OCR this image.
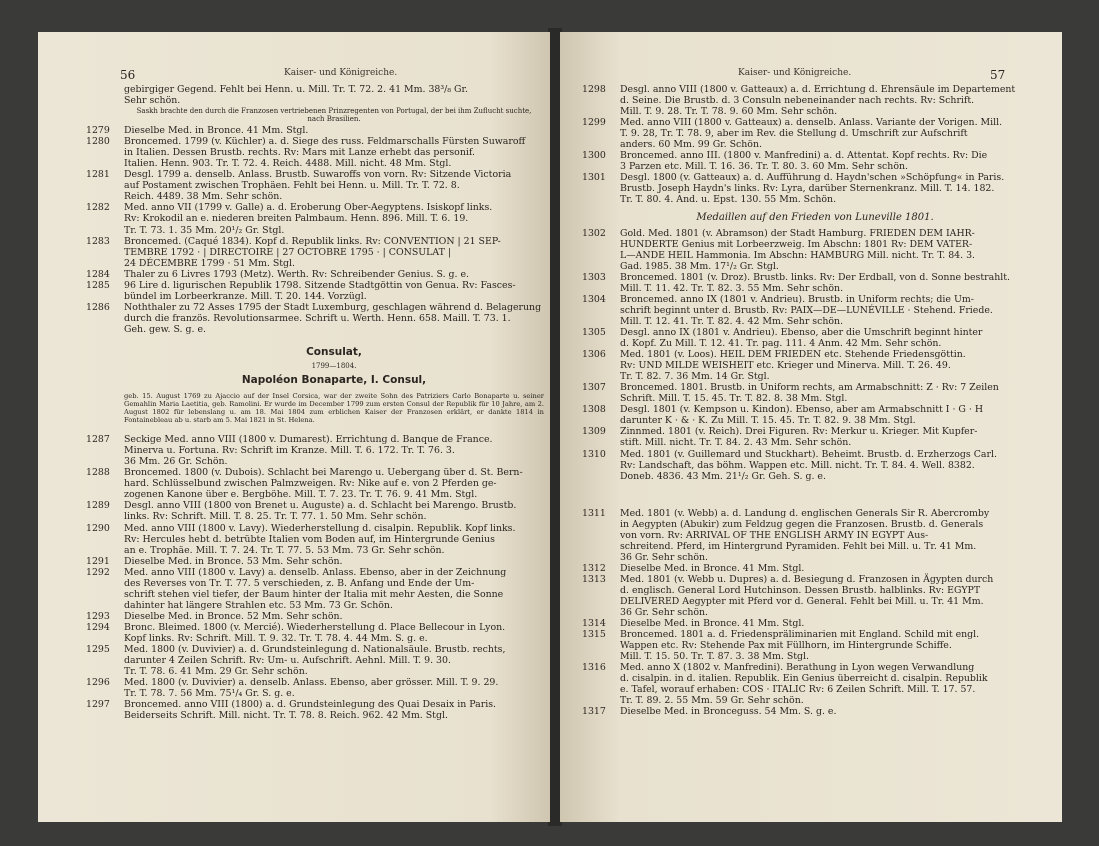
56	Kaiser- und Königreiche.
gebirgiger Gegend. Fehlt bei Henn. u. Mill. Tr. T. 72. 2. 41 Mm. 38³/₈ Gr.
Sehr schön.
Saskh brachte den durch die Franzosen vertriebenen Prinzregenten von Portugal, der bei ihm Zuflucht suchte, nach Brasilien.
1279 Dieselbe Med. in Bronce. 41 Mm. Stgl.
1280 Broncemed. 1799 (v. Küchler) a. d. Siege des russ. Feldmarschalls Fürsten Suwaroff
in Italien. Dessen Brustb. rechts. Rv: Mars mit Lanze erhebt das personif.
Italien. Henn. 903. Tr. T. 72. 4. Reich. 4488. Mill. nicht. 48 Mm. Stgl.
1281 Desgl. 1799 a. denselb. Anlass. Brustb. Suwaroffs von vorn. Rv: Sitzende Victoria
auf Postament zwischen Trophäen. Fehlt bei Henn. u. Mill. Tr. T. 72. 8.
Reich. 4489. 38 Mm. Sehr schön.
1282 Med. anno VII (1799 v. Galle) a. d. Eroberung Ober-Aegyptens. Isiskopf links.
Rv: Krokodil an e. niederen breiten Palmbaum. Henn. 896. Mill. T. 6. 19.
Tr. T. 73. 1. 35 Mm. 20¹/₂ Gr. Stgl.
1283 Broncemed. (Caqué 1834). Kopf d. Republik links. Rv: CONVENTION | 21 SEP-
TEMBRE 1792 · | DIRECTOIRE | 27 OCTOBRE 1795 · | CONSULAT |
24 DÉCEMBRE 1799 · 51 Mm. Stgl.
1284 Thaler zu 6 Livres 1793 (Metz). Werth. Rv: Schreibender Genius. S. g. e.
1285 96 Lire d. ligurischen Republik 1798. Sitzende Stadtgöttin von Genua. Rv: Fasces-
bündel im Lorbeerkranze. Mill. T. 20. 144. Vorzügl.
1286 Noththaler zu 72 Asses 1795 der Stadt Luxemburg, geschlagen während d. Belagerung
durch die französ. Revolutionsarmee. Schrift u. Werth. Henn. 658. Maill. T. 73. 1.
Geh. gew. S. g. e.
Consulat,
1799—1804.
Napoléon Bonaparte, I. Consul,
geb. 15. August 1769 zu Ajaccio auf der Insel Corsica, war der zweite Sohn des Patriziers Carlo Bonaparte u. seiner Gemahlin Maria Laetitia, geb. Ramolini. Er wurde im December 1799 zum ersten Consul der Republik für 10 Jahre, am 2. August 1802 für lebenslang u. am 18. Mai 1804 zum erblichen Kaiser der Franzosen erklärt, er dankte 1814 in Fontainebleau ab u. starb am 5. Mai 1821 in St. Helena.
1287 Seckige Med. anno VIII (1800 v. Dumarest). Errichtung d. Banque de France.
Minerva u. Fortuna. Rv: Schrift im Kranze. Mill. T. 6. 172. Tr. T. 76. 3.
36 Mm. 26 Gr. Schön.
1288 Broncemed. 1800 (v. Dubois). Schlacht bei Marengo u. Uebergang über d. St. Bern-
hard. Schlüsselbund zwischen Palmzweigen. Rv: Nike auf e. von 2 Pferden ge-
zogenen Kanone über e. Bergböhe. Mill. T. 7. 23. Tr. T. 76. 9. 41 Mm. Stgl.
1289 Desgl. anno VIII (1800 von Brenet u. Auguste) a. d. Schlacht bei Marengo. Brustb.
links. Rv: Schrift. Mill. T. 8. 25. Tr. T. 77. 1. 50 Mm. Sehr schön.
1290 Med. anno VIII (1800 v. Lavy). Wiederherstellung d. cisalpin. Republik. Kopf links.
Rv: Hercules hebt d. betrübte Italien vom Boden auf, im Hintergrunde Genius
an e. Trophäe. Mill. T. 7. 24. Tr. T. 77. 5. 53 Mm. 73 Gr. Sehr schön.
1291 Dieselbe Med. in Bronce. 53 Mm. Sehr schön.
1292 Med. anno VIII (1800 v. Lavy) a. denselb. Anlass. Ebenso, aber in der Zeichnung
des Reverses von Tr. T. 77. 5 verschieden, z. B. Anfang und Ende der Um-
schrift stehen viel tiefer, der Baum hinter der Italia mit mehr Aesten, die Sonne
dahinter hat längere Strahlen etc. 53 Mm. 73 Gr. Schön.
1293 Dieselbe Med. in Bronce. 52 Mm. Sehr schön.
1294 Bronc. Bleimed. 1800 (v. Mercié). Wiederherstellung d. Place Bellecour in Lyon.
Kopf links. Rv: Schrift. Mill. T. 9. 32. Tr. T. 78. 4. 44 Mm. S. g. e.
1295 Med. 1800 (v. Duvivier) a. d. Grundsteinlegung d. Nationalsäule. Brustb. rechts,
darunter 4 Zeilen Schrift. Rv: Um- u. Aufschrift. Aehnl. Mill. T. 9. 30.
Tr. T. 78. 6. 41 Mm. 29 Gr. Sehr schön.
1296 Med. 1800 (v. Duvivier) a. denselb. Anlass. Ebenso, aber grösser. Mill. T. 9. 29.
Tr. T. 78. 7. 56 Mm. 75¹/₄ Gr. S. g. e.
1297 Broncemed. anno VIII (1800) a. d. Grundsteinlegung des Quai Desaix in Paris.
Beiderseits Schrift. Mill. nicht. Tr. T. 78. 8. Reich. 962. 42 Mm. Stgl.
Kaiser- und Königreiche.	57
1298 Desgl. anno VIII (1800 v. Gatteaux) a. d. Errichtung d. Ehrensäule im Departement
d. Seine. Die Brustb. d. 3 Consuln nebeneinander nach rechts. Rv: Schrift.
Mill. T. 9. 28. Tr. T. 78. 9. 60 Mm. Sehr schön.
1299 Med. anno VIII (1800 v. Gatteaux) a. denselb. Anlass. Variante der Vorigen. Mill.
T. 9. 28, Tr. T. 78. 9, aber im Rev. die Stellung d. Umschrift zur Aufschrift
anders. 60 Mm. 99 Gr. Schön.
1300 Broncemed. anno III. (1800 v. Manfredini) a. d. Attentat. Kopf rechts. Rv: Die
3 Parzen etc. Mill. T. 16. 36. Tr. T. 80. 3. 60 Mm. Sehr schön.
1301 Desgl. 1800 (v. Gatteaux) a. d. Aufführung d. Haydn'schen »Schöpfung« in Paris.
Brustb. Joseph Haydn's links. Rv: Lyra, darüber Sternenkranz. Mill. T. 14. 182.
Tr. T. 80. 4. And. u. Epst. 130. 55 Mm. Schön.
Medaillen auf den Frieden von Luneville 1801.
1302 Gold. Med. 1801 (v. Abramson) der Stadt Hamburg. FRIEDEN DEM IAHR-
HUNDERTE Genius mit Lorbeerzweig. Im Abschn: 1801 Rv: DEM VATER-
L—ANDE HEIL Hammonia. Im Abschn: HAMBURG Mill. nicht. Tr. T. 84. 3.
Gad. 1985. 38 Mm. 17¹/₂ Gr. Stgl.
1303 Broncemed. 1801 (v. Droz). Brustb. links. Rv: Der Erdball, von d. Sonne bestrahlt.
Mill. T. 11. 42. Tr. T. 82. 3. 55 Mm. Sehr schön.
1304 Broncemed. anno IX (1801 v. Andrieu). Brustb. in Uniform rechts; die Um-
schrift beginnt unter d. Brustb. Rv: PAIX—DE—LUNÉVILLE · Stehend. Friede.
Mill. T. 12. 41. Tr. T. 82. 4. 42 Mm. Sehr schön.
1305 Desgl. anno IX (1801 v. Andrieu). Ebenso, aber die Umschrift beginnt hinter
d. Kopf. Zu Mill. T. 12. 41. Tr. pag. 111. 4 Anm. 42 Mm. Sehr schön.
1306 Med. 1801 (v. Loos). HEIL DEM FRIEDEN etc. Stehende Friedensgöttin.
Rv: UND MILDE WEISHEIT etc. Krieger und Minerva. Mill. T. 26. 49.
Tr. T. 82. 7. 36 Mm. 14 Gr. Stgl.
1307 Broncemed. 1801. Brustb. in Uniform rechts, am Armabschnitt: Z · Rv: 7 Zeilen
Schrift. Mill. T. 15. 45. Tr. T. 82. 8. 38 Mm. Stgl.
1308 Desgl. 1801 (v. Kempson u. Kindon). Ebenso, aber am Armabschnitt I · G · H
darunter K · & · K. Zu Mill. T. 15. 45. Tr. T. 82. 9. 38 Mm. Stgl.
1309 Zinnmed. 1801 (v. Reich). Drei Figuren. Rv: Merkur u. Krieger. Mit Kupfer-
stift. Mill. nicht. Tr. T. 84. 2. 43 Mm. Sehr schön.
1310 Med. 1801 (v. Guillemard und Stuckhart). Beheimt. Brustb. d. Erzherzogs Carl.
Rv: Landschaft, das böhm. Wappen etc. Mill. nicht. Tr. T. 84. 4. Well. 8382.
Doneb. 4836. 43 Mm. 21¹/₂ Gr. Geh. S. g. e.
1311 Med. 1801 (v. Webb) a. d. Landung d. englischen Generals Sir R. Abercromby
in Aegypten (Abukir) zum Feldzug gegen die Franzosen. Brustb. d. Generals
von vorn. Rv: ARRIVAL OF THE ENGLISH ARMY IN EGYPT Aus-
schreitend. Pferd, im Hintergrund Pyramiden. Fehlt bei Mill. u. Tr. 41 Mm.
36 Gr. Sehr schön.
1312 Dieselbe Med. in Bronce. 41 Mm. Stgl.
1313 Med. 1801 (v. Webb u. Dupres) a. d. Besiegung d. Franzosen in Ägypten durch
d. englisch. General Lord Hutchinson. Dessen Brustb. halblinks. Rv: EGYPT
DELIVERED Aegypter mit Pferd vor d. General. Fehlt bei Mill. u. Tr. 41 Mm.
36 Gr. Sehr schön.
1314 Dieselbe Med. in Bronce. 41 Mm. Stgl.
1315 Broncemed. 1801 a. d. Friedenspräliminarien mit England. Schild mit engl.
Wappen etc. Rv: Stehende Pax mit Füllhorn, im Hintergrunde Schiffe.
Mill. T. 15. 50. Tr. T. 87. 3. 38 Mm. Stgl.
1316 Med. anno X (1802 v. Manfredini). Berathung in Lyon wegen Verwandlung
d. cisalpin. in d. italien. Republik. Ein Genius überreicht d. cisalpin. Republik
e. Tafel, worauf erhaben: COS · ITALIC Rv: 6 Zeilen Schrift. Mill. T. 17. 57.
Tr. T. 89. 2. 55 Mm. 59 Gr. Sehr schön.
1317 Dieselbe Med. in Bronceguss. 54 Mm. S. g. e.
